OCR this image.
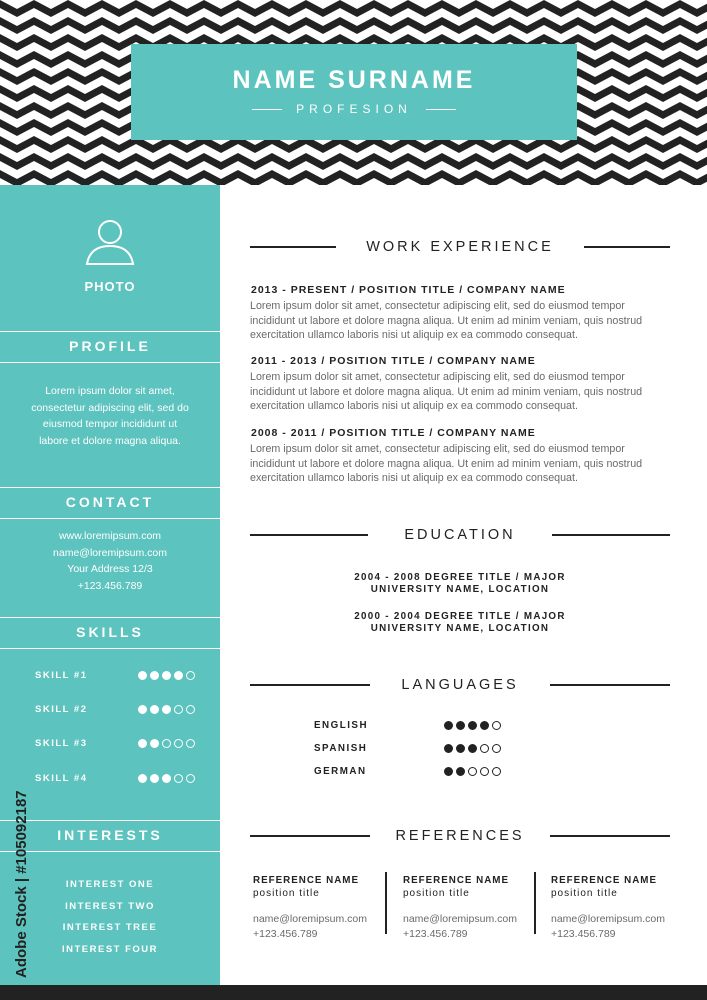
NAME SURNAME
PROFESION
PHOTO
PROFILE
Lorem ipsum dolor sit amet, consectetur adipiscing elit, sed do eiusmod tempor incididunt ut labore et dolore magna aliqua.
CONTACT
www.loremipsum.com
name@loremipsum.com
Your Address 12/3
+123.456.789
SKILLS
SKILL #1
SKILL #2
SKILL #3
SKILL #4
INTERESTS
INTEREST ONE
INTEREST TWO
INTEREST TREE
INTEREST FOUR
WORK EXPERIENCE
2013 - PRESENT / POSITION TITLE / COMPANY NAME
Lorem ipsum dolor sit amet, consectetur adipiscing elit, sed do eiusmod tempor incididunt ut labore et dolore magna aliqua. Ut enim ad minim veniam, quis nostrud exercitation ullamco laboris nisi ut aliquip ex ea commodo consequat.
2011 - 2013 / POSITION TITLE / COMPANY NAME
Lorem ipsum dolor sit amet, consectetur adipiscing elit, sed do eiusmod tempor incididunt ut labore et dolore magna aliqua. Ut enim ad minim veniam, quis nostrud exercitation ullamco laboris nisi ut aliquip ex ea commodo consequat.
2008 - 2011 / POSITION TITLE / COMPANY NAME
Lorem ipsum dolor sit amet, consectetur adipiscing elit, sed do eiusmod tempor incididunt ut labore et dolore magna aliqua. Ut enim ad minim veniam, quis nostrud exercitation ullamco laboris nisi ut aliquip ex ea commodo consequat.
EDUCATION
2004 - 2008 DEGREE TITLE / MAJOR
UNIVERSITY NAME, LOCATION
2000 - 2004 DEGREE TITLE / MAJOR
UNIVERSITY NAME, LOCATION
LANGUAGES
ENGLISH
SPANISH
GERMAN
REFERENCES
REFERENCE NAME
position title
name@loremipsum.com
+123.456.789
REFERENCE NAME
position title
name@loremipsum.com
+123.456.789
REFERENCE NAME
position title
name@loremipsum.com
+123.456.789
Adobe Stock | #105092187
